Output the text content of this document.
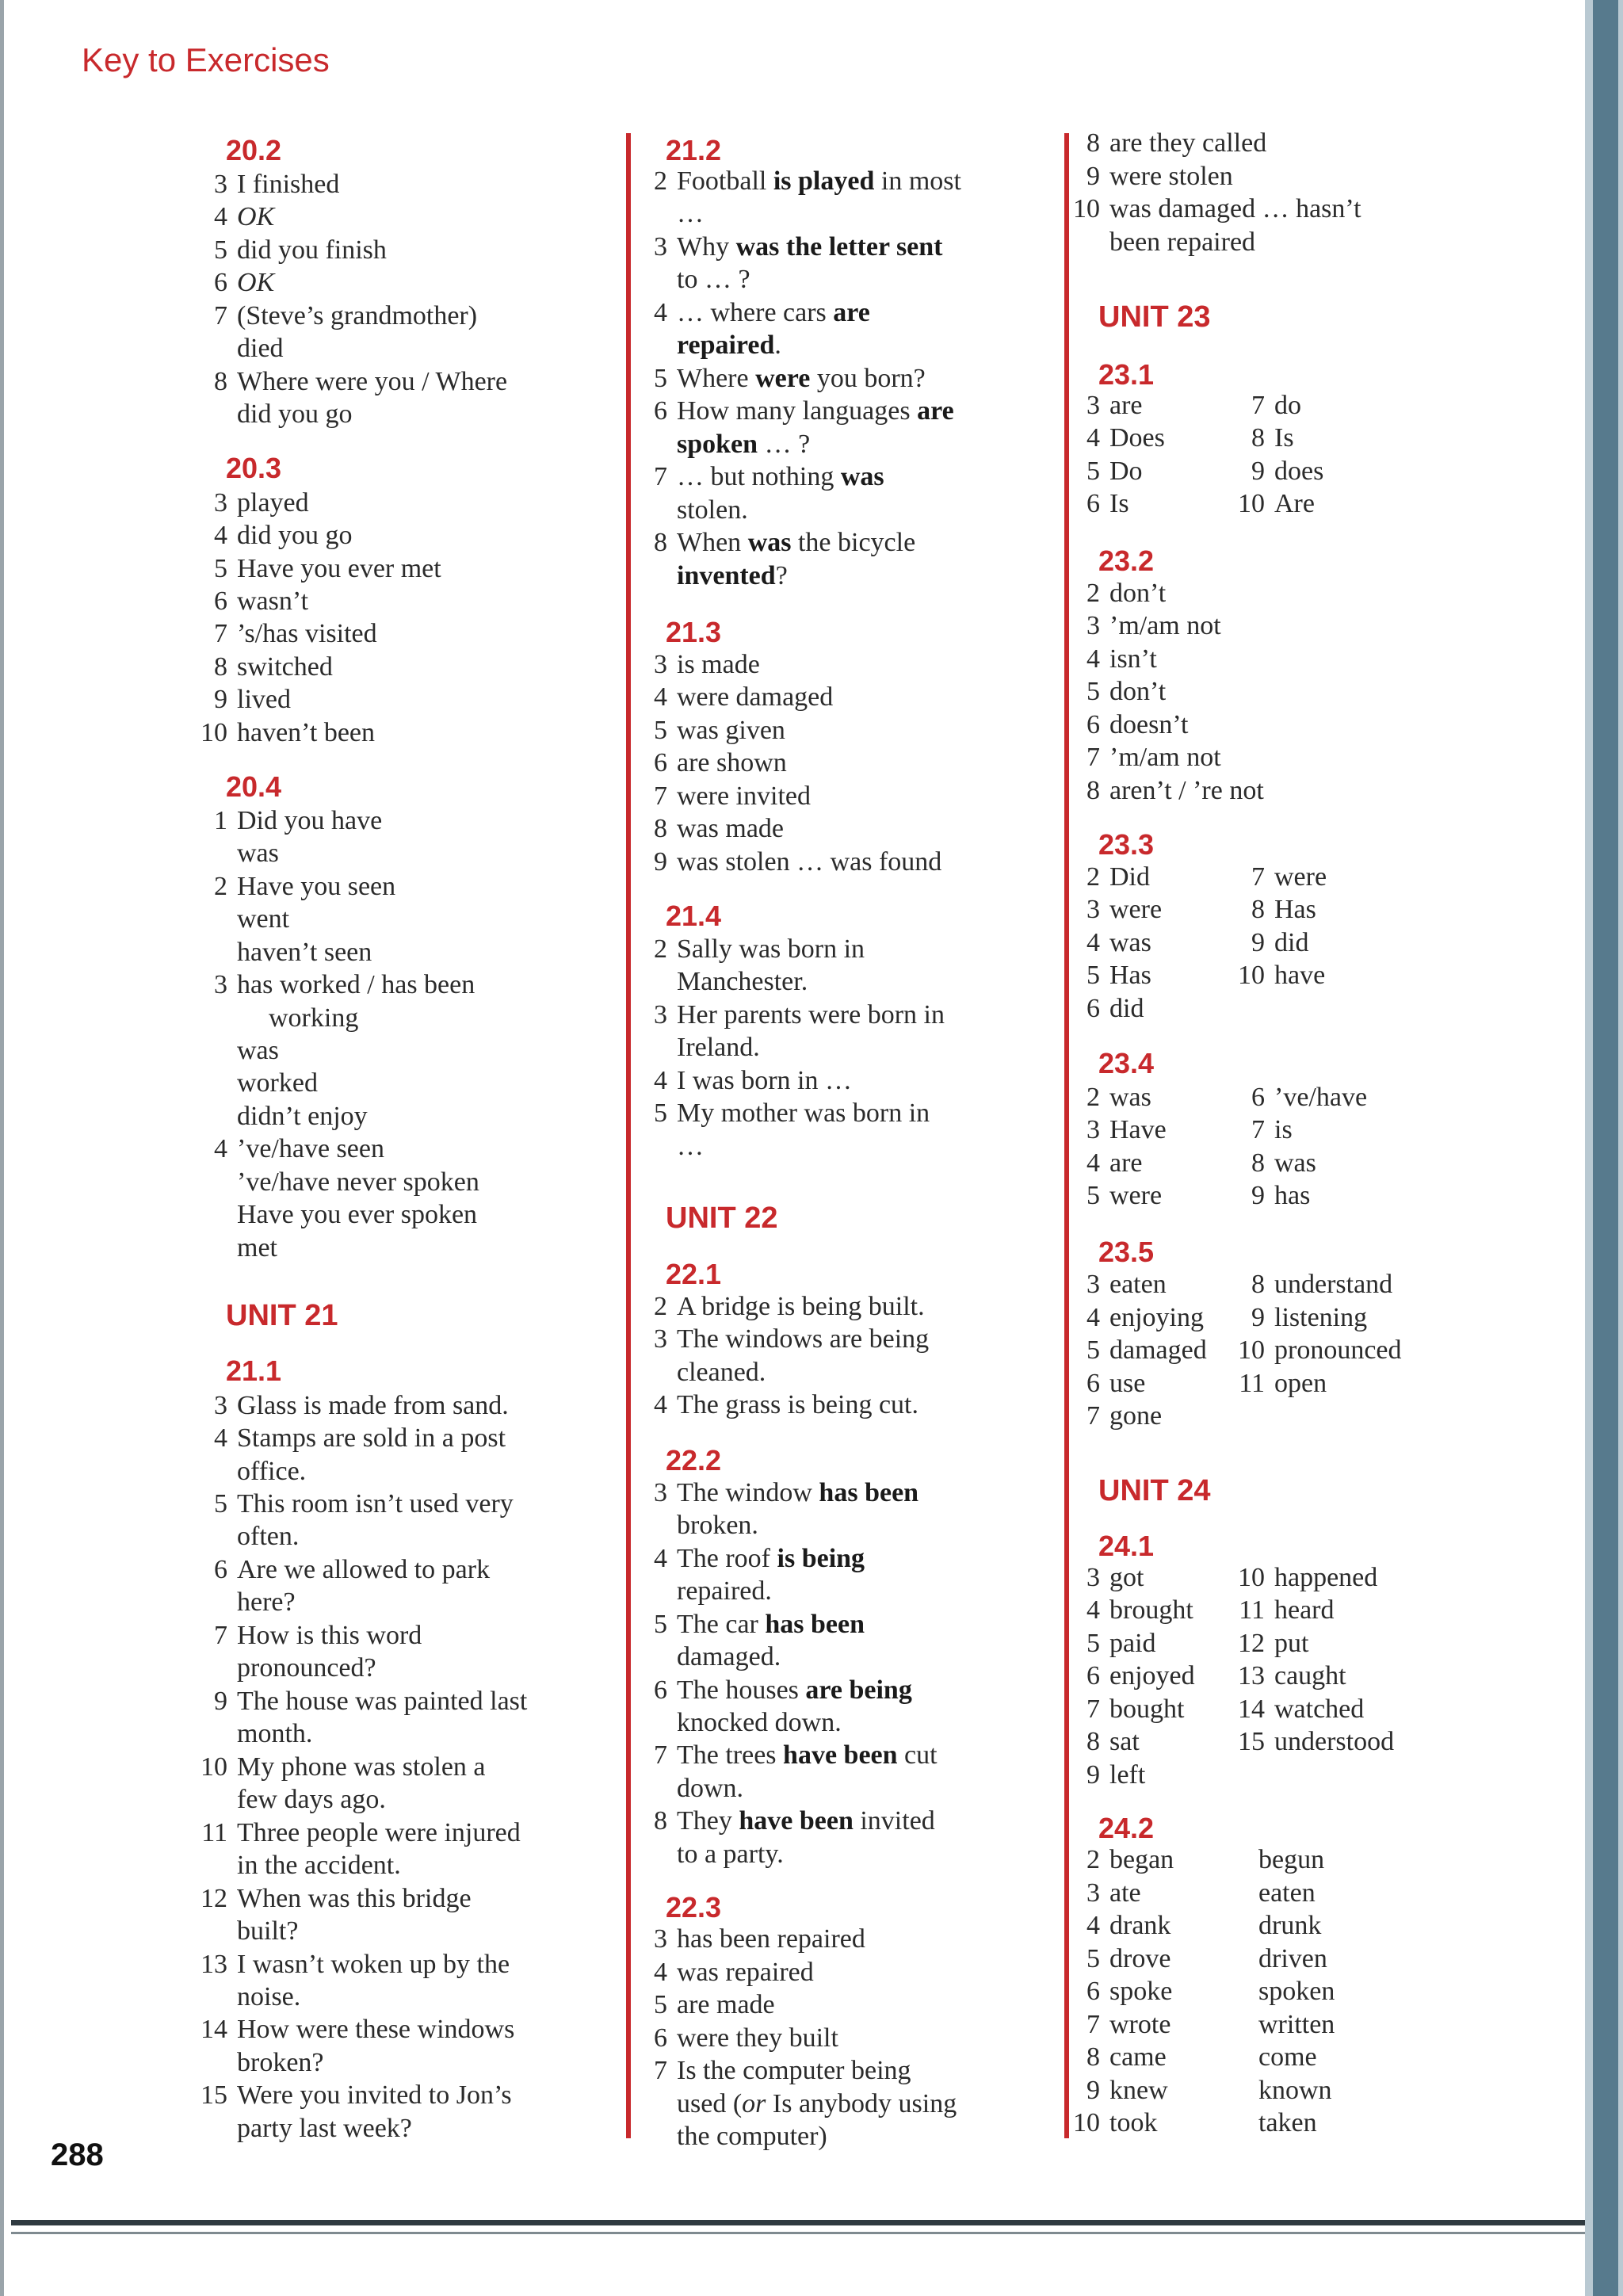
Key to Exercises
20.2
3 I finished
4 OK
5 did you finish
6 OK
7 (Steve’s grandmother)
died
8 Where were you / Where
did you go
20.3
3 played
4 did you go
5 Have you ever met
6 wasn’t
7 ’s/has visited
8 switched
9 lived
10 haven’t been
20.4
1 Did you have
was
2 Have you seen
went
haven’t seen
3 has worked / has been
working
was
worked
didn’t enjoy
4 ’ve/have seen
’ve/have never spoken
Have you ever spoken
met
UNIT 21
21.1
3 Glass is made from sand.
4 Stamps are sold in a post
office.
5 This room isn’t used very
often.
6 Are we allowed to park
here?
7 How is this word
pronounced?
9 The house was painted last
month.
10 My phone was stolen a
few days ago.
11 Three people were injured
in the accident.
12 When was this bridge
built?
13 I wasn’t woken up by the
noise.
14 How were these windows
broken?
15 Were you invited to Jon’s
party last week?
21.2
2 Football is played in most
…
3 Why was the letter sent
to … ?
4 … where cars are
repaired.
5 Where were you born?
6 How many languages are
spoken … ?
7 … but nothing was
stolen.
8 When was the bicycle
invented?
21.3
3 is made
4 were damaged
5 was given
6 are shown
7 were invited
8 was made
9 was stolen … was found
21.4
2 Sally was born in
Manchester.
3 Her parents were born in
Ireland.
4 I was born in …
5 My mother was born in
…
UNIT 22
22.1
2 A bridge is being built.
3 The windows are being
cleaned.
4 The grass is being cut.
22.2
3 The window has been
broken.
4 The roof is being
repaired.
5 The car has been
damaged.
6 The houses are being
knocked down.
7 The trees have been cut
down.
8 They have been invited
to a party.
22.3
3 has been repaired
4 was repaired
5 are made
6 were they built
7 Is the computer being
used (or Is anybody using
the computer)
8 are they called
9 were stolen
10 was damaged … hasn’t
been repaired
UNIT 23
23.1
3 are	7 do
4 Does	8 Is
5 Do	9 does
6 Is	10 Are
23.2
2 don’t
3 ’m/am not
4 isn’t
5 don’t
6 doesn’t
7 ’m/am not
8 aren’t / ’re not
23.3
2 Did	7 were
3 were	8 Has
4 was	9 did
5 Has	10 have
6 did
23.4
2 was	6 ’ve/have
3 Have	7 is
4 are	8 was
5 were	9 has
23.5
3 eaten	8 understand
4 enjoying	9 listening
5 damaged 10 pronounced
6 use	11 open
7 gone
UNIT 24
24.1
3 got	10 happened
4 brought 11 heard
5 paid	12 put
6 enjoyed 13 caught
7 bought 14 watched
8 sat	15 understood
9 left
24.2
2 began	begun
3 ate	eaten
4 drank	drunk
5 drove	driven
6 spoke	spoken
7 wrote	written
8 came	come
9 knew	known
10 took	taken
288
